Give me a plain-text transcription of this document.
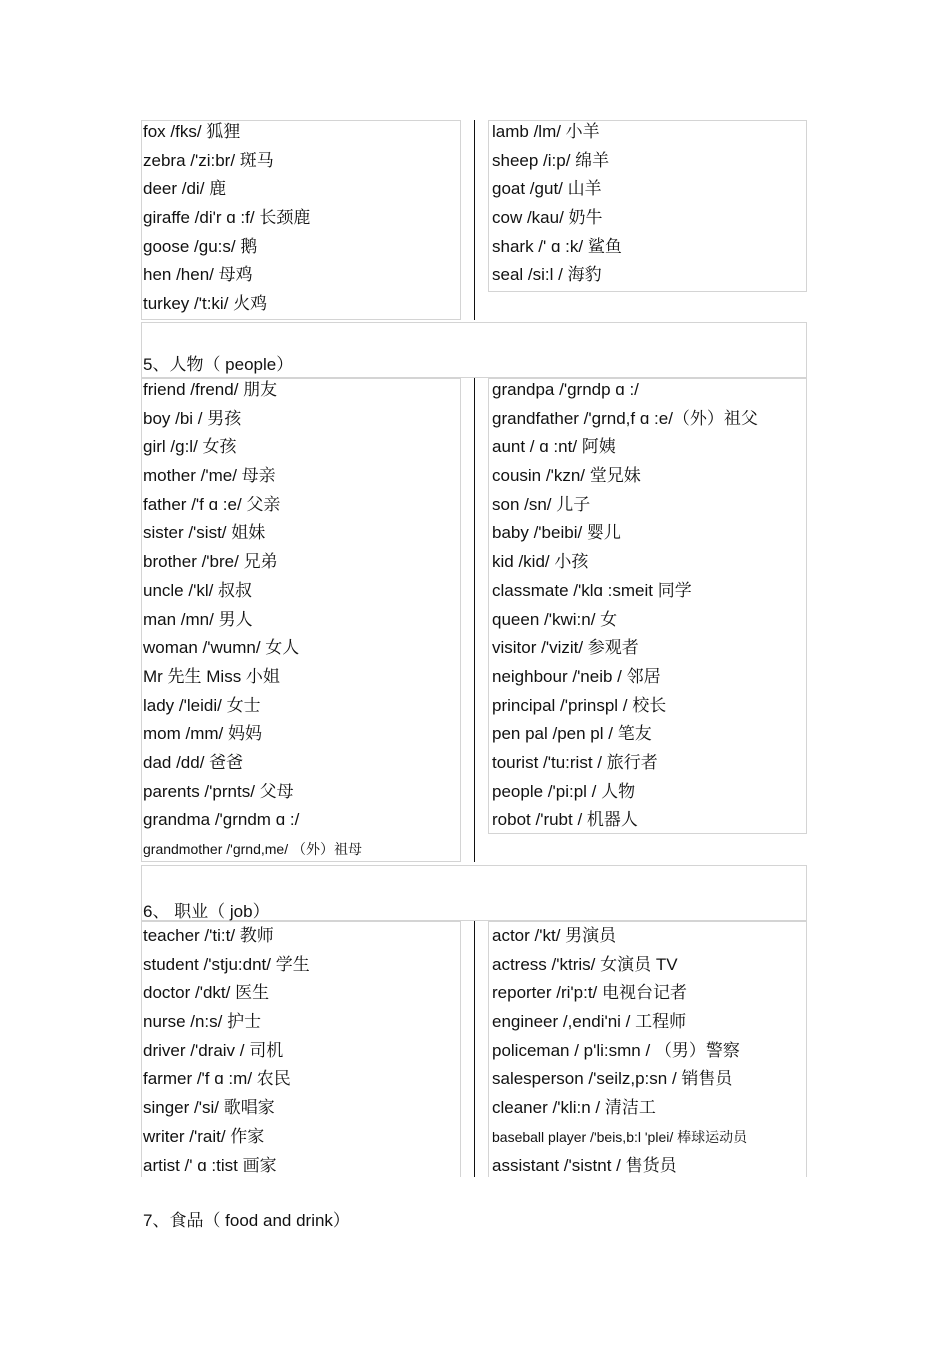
fox /fks/ 狐狸
zebra /'zi:br/ 斑马
deer /di/ 鹿
giraffe /di'r ɑ :f/ 长颈鹿
goose /gu:s/ 鹅
hen /hen/ 母鸡
turkey /'t:ki/ 火鸡
lamb /lm/ 小羊
sheep /i:p/ 绵羊
goat /gut/ 山羊
cow /kau/ 奶牛
shark /' ɑ :k/ 鲨鱼
seal /si:l / 海豹
5、人物（ people）
friend /frend/ 朋友
boy /bi / 男孩
girl /g:l/ 女孩
mother /'me/ 母亲
father /'f ɑ :e/ 父亲
sister /'sist/ 姐妹
brother /'bre/ 兄弟
uncle /'kl/ 叔叔
man /mn/ 男人
woman /'wumn/ 女人
Mr 先生 Miss 小姐
lady /'leidi/ 女士
mom /mm/ 妈妈
dad /dd/ 爸爸
parents /'prnts/ 父母
grandma /'grndm ɑ :/
grandmother /'grnd,me/ （外）祖母
grandpa /'grndp ɑ :/
grandfather /'grnd,f ɑ :e/（外）祖父
aunt / ɑ :nt/ 阿姨
cousin /'kzn/ 堂兄妹
son /sn/ 儿子
baby /'beibi/ 婴儿
kid /kid/ 小孩
classmate /'klɑ :smeit 同学
queen /'kwi:n/ 女
visitor /'vizit/ 参观者
neighbour /'neib / 邻居
principal /'prinspl / 校长
pen pal /pen pl / 笔友
tourist /'tu:rist / 旅行者
people /'pi:pl / 人物
robot /'rubt / 机器人
6、 职业（ job）
teacher /'ti:t/ 教师
student /'stju:dnt/ 学生
doctor /'dkt/ 医生
nurse /n:s/ 护士
driver /'draiv / 司机
farmer /'f ɑ :m/ 农民
singer /'si/ 歌唱家
writer /'rait/ 作家
artist /' ɑ :tist 画家
actor /'kt/ 男演员
actress /'ktris/ 女演员 TV
reporter /ri'p:t/ 电视台记者
engineer /,endi'ni / 工程师
policeman / p'li:smn / （男）警察
salesperson /'seilz,p:sn / 销售员
cleaner /'kli:n / 清洁工
baseball player /'beis,b:l 'plei/ 棒球运动员
assistant /'sistnt / 售货员
7、食品（ food and drink）
